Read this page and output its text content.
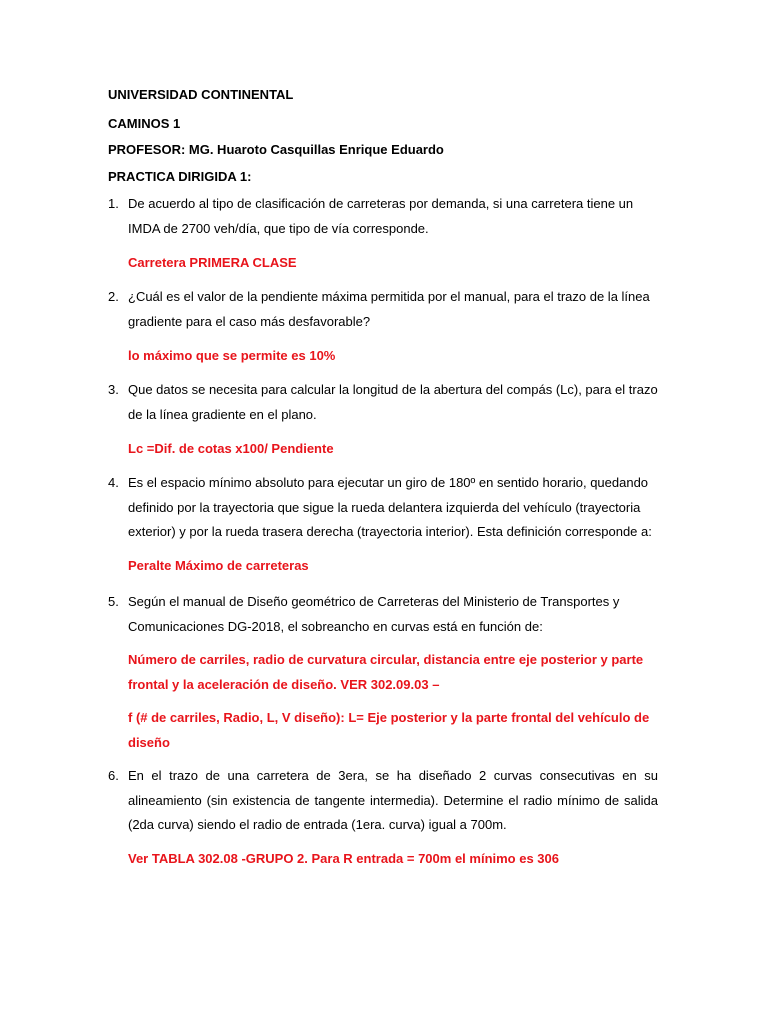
UNIVERSIDAD CONTINENTAL
CAMINOS 1
PROFESOR: MG. Huaroto Casquillas Enrique Eduardo
PRACTICA DIRIGIDA 1:
1. De acuerdo al tipo de clasificación de carreteras por demanda, si una carretera tiene un IMDA de 2700 veh/día, que tipo de vía corresponde.
Carretera PRIMERA CLASE
2. ¿Cuál es el valor de la pendiente máxima permitida por el manual, para el trazo de la línea gradiente para el caso más desfavorable?
lo máximo que se permite es 10%
3. Que datos se necesita para calcular la longitud de la abertura del compás (Lc), para el trazo de la línea gradiente en el plano.
Lc =Dif. de cotas x100/ Pendiente
4. Es el espacio mínimo absoluto para ejecutar un giro de 180º en sentido horario, quedando definido por la trayectoria que sigue la rueda delantera izquierda del vehículo (trayectoria exterior) y por la rueda trasera derecha (trayectoria interior). Esta definición corresponde a:
Peralte Máximo de carreteras
5. Según el manual de Diseño geométrico de Carreteras del Ministerio de Transportes y Comunicaciones DG-2018, el sobreancho en curvas está en función de:
Número de carriles, radio de curvatura circular, distancia entre eje posterior y parte frontal y la aceleración de diseño. VER 302.09.03 –
f (# de carriles, Radio, L, V diseño): L= Eje posterior y la parte frontal del vehículo de diseño
6. En el trazo de una carretera de 3era, se ha diseñado 2 curvas consecutivas en su alineamiento (sin existencia de tangente intermedia). Determine el radio mínimo de salida (2da curva) siendo el radio de entrada (1era. curva) igual a 700m.
Ver TABLA 302.08 -GRUPO 2. Para R entrada = 700m el mínimo es 306
